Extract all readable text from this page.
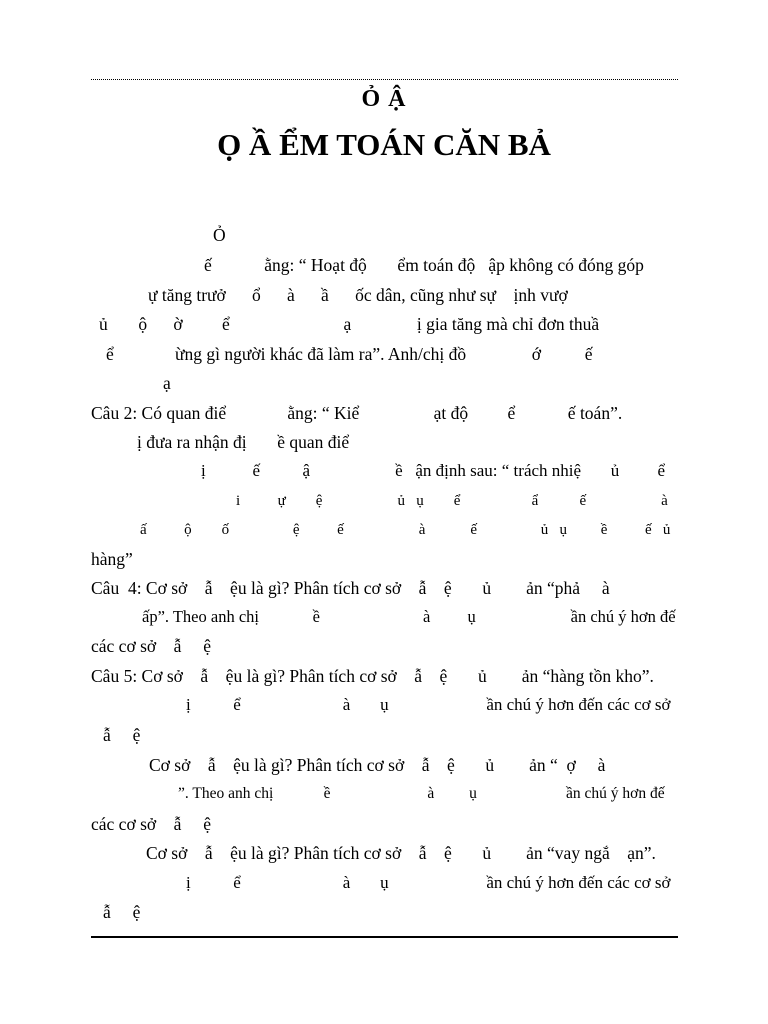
Ỏ Ậ
Ọ Ầ ỂM TOÁN CĂN BẢ
Ỏ
ế            ằng: “ Hoạt độ       ểm toán độ   ập không có đóng góp
ự tăng trưở      ổ      à      ầ      ốc dân, cũng như sự    ịnh vượ
ủ       ộ      ờ         ể                          ạ               ị gia tăng mà chỉ đơn thuầ
ể              ừng gì người khác đã làm ra”. Anh/chị đồ               ớ          ế
ạ
Câu 2: Có quan điể              ằng: “ Kiể                 ạt độ         ể            ế toán”.
ị đưa ra nhận đị       ề quan điể
ị           ế          ậ                    ề   ận định sau: “ trách nhiệ       ủ         ể
i          ự        ệ                    ủ   ụ        ể                   ẩ           ế                    à
ấ          ộ        ố                 ệ          ế                    à            ế                 ủ   ụ         ề          ế   ủ
hàng”
Câu  4: Cơ sở    ẫ    ệu là gì? Phân tích cơ sở    ẫ    ệ       ủ        ản “phả     à
ấp”. Theo anh chị             ề                         à         ụ                       ần chú ý hơn đế
các cơ sở    ẫ     ệ
Câu 5: Cơ sở    ẫ    ệu là gì? Phân tích cơ sở    ẫ    ệ       ủ        ản “hàng tồn kho”.
ị          ể                        à       ụ                       ần chú ý hơn đến các cơ sở
ẫ     ệ
Cơ sở    ẫ    ệu là gì? Phân tích cơ sở    ẫ    ệ       ủ        ản “  ợ     à
”. Theo anh chị             ề                         à         ụ                       ần chú ý hơn đế
các cơ sở    ẫ     ệ
Cơ sở    ẫ    ệu là gì? Phân tích cơ sở    ẫ    ệ       ủ        ản “vay ngắ    ạn”.
ị          ể                        à       ụ                       ần chú ý hơn đến các cơ sở
ẫ     ệ
